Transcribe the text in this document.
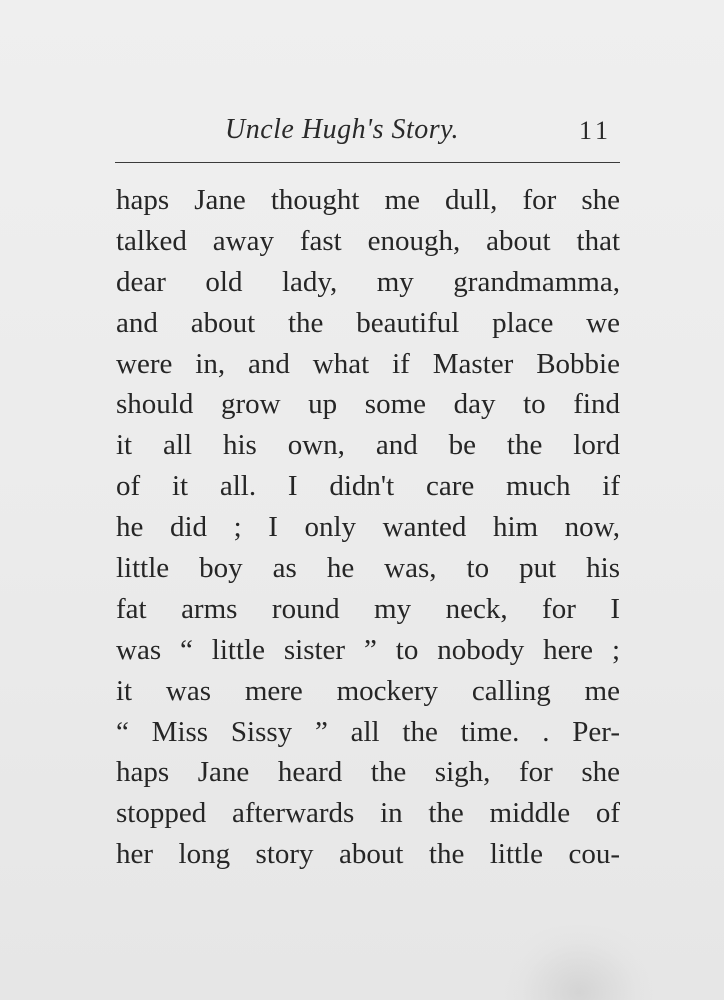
Uncle Hugh's Story.	11
haps Jane thought me dull, for she
talked away fast enough, about that
dear old lady, my grandmamma,
and about the beautiful place we
were in, and what if Master Bobbie
should grow up some day to find
it all his own, and be the lord
of it all. I didn't care much if
he did ; I only wanted him now,
little boy as he was, to put his
fat arms round my neck, for I
was “ little sister ” to nobody here ;
it was mere mockery calling me
“ Miss Sissy ” all the time. . Per-
haps Jane heard the sigh, for she
stopped afterwards in the middle of
her long story about the little cou-
